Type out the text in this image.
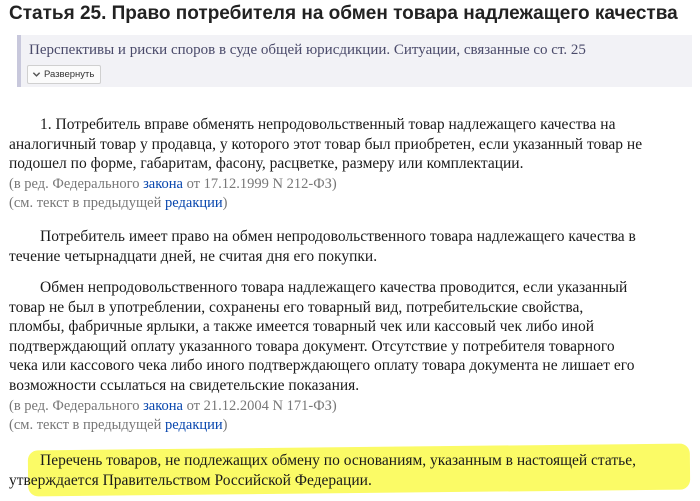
Статья 25. Право потребителя на обмен товара надлежащего качества
Перспективы и риски споров в суде общей юрисдикции. Ситуации, связанные со ст. 25
Развернуть
1. Потребитель вправе обменять непродовольственный товар надлежащего качества на
аналогичный товар у продавца, у которого этот товар был приобретен, если указанный товар не
подошел по форме, габаритам, фасону, расцветке, размеру или комплектации.
(в ред. Федерального закона от 17.12.1999 N 212-ФЗ)
(см. текст в предыдущей редакции)
Потребитель имеет право на обмен непродовольственного товара надлежащего качества в
течение четырнадцати дней, не считая дня его покупки.
Обмен непродовольственного товара надлежащего качества проводится, если указанный
товар не был в употреблении, сохранены его товарный вид, потребительские свойства,
пломбы, фабричные ярлыки, а также имеется товарный чек или кассовый чек либо иной
подтверждающий оплату указанного товара документ. Отсутствие у потребителя товарного
чека или кассового чека либо иного подтверждающего оплату товара документа не лишает его
возможности ссылаться на свидетельские показания.
(в ред. Федерального закона от 21.12.2004 N 171-ФЗ)
(см. текст в предыдущей редакции)
Перечень товаров, не подлежащих обмену по основаниям, указанным в настоящей статье,
утверждается Правительством Российской Федерации.
